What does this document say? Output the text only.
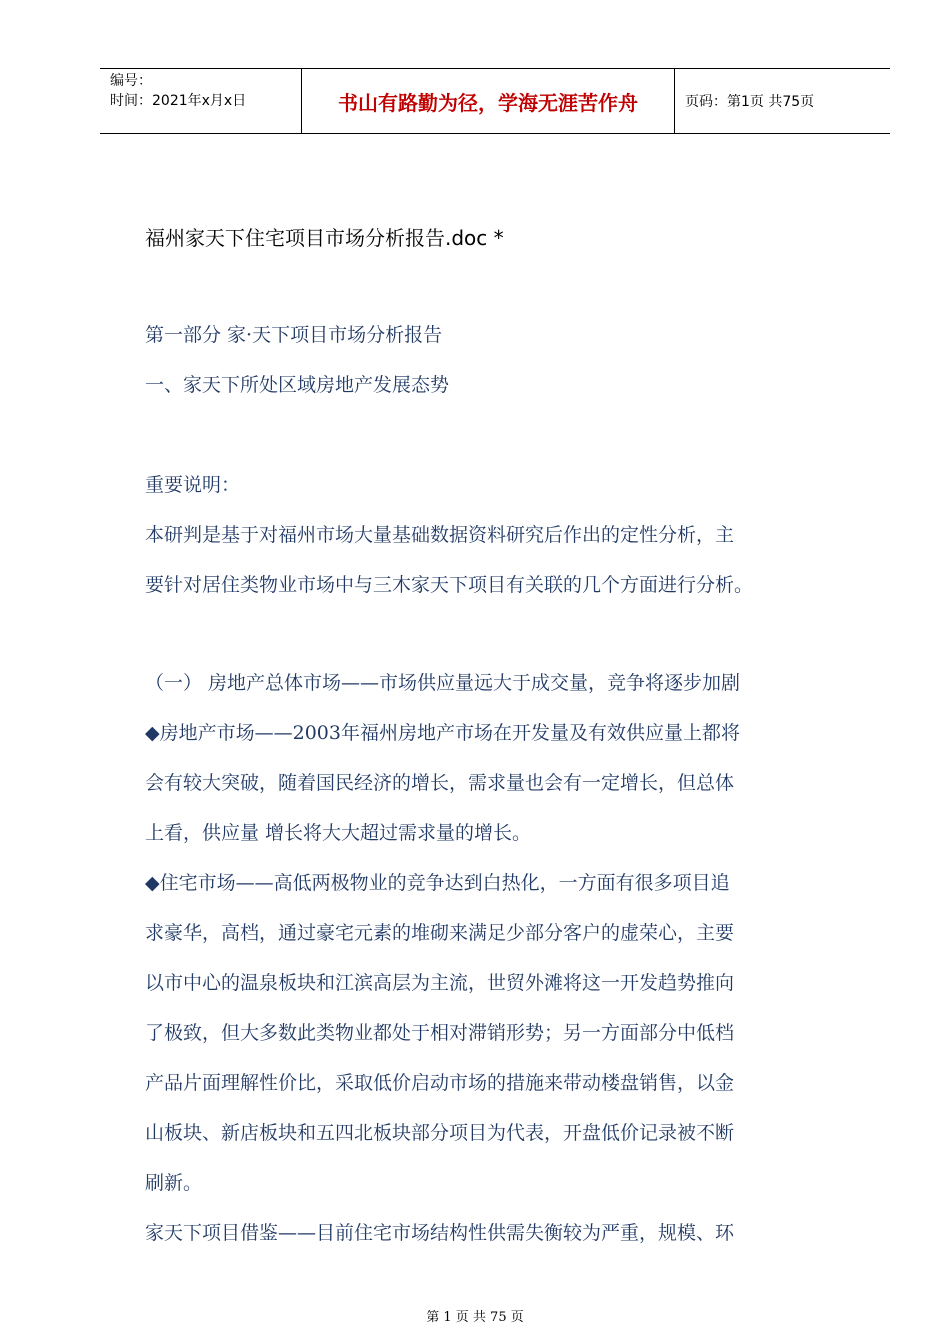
编号：
时间：2021年x月x日	书山有路勤为径，学海无涯苦作舟	页码：第1页 共75页
福州家天下住宅项目市场分析报告.doc *
第一部分 家·天下项目市场分析报告
一、家天下所处区域房地产发展态势
重要说明：
本研判是基于对福州市场大量基础数据资料研究后作出的定性分析，主
要针对居住类物业市场中与三木家天下项目有关联的几个方面进行分析。
（一） 房地产总体市场——市场供应量远大于成交量，竞争将逐步加剧
◆房地产市场——2003年福州房地产市场在开发量及有效供应量上都将
会有较大突破，随着国民经济的增长，需求量也会有一定增长，但总体
上看，供应量 增长将大大超过需求量的增长。
◆住宅市场——高低两极物业的竞争达到白热化，一方面有很多项目追
求豪华，高档，通过豪宅元素的堆砌来满足少部分客户的虚荣心，主要
以市中心的温泉板块和江滨高层为主流，世贸外滩将这一开发趋势推向
了极致，但大多数此类物业都处于相对滞销形势；另一方面部分中低档
产品片面理解性价比，采取低价启动市场的措施来带动楼盘销售，以金
山板块、新店板块和五四北板块部分项目为代表，开盘低价记录被不断
刷新。
家天下项目借鉴——目前住宅市场结构性供需失衡较为严重，规模、环
第 1 页 共 75 页
